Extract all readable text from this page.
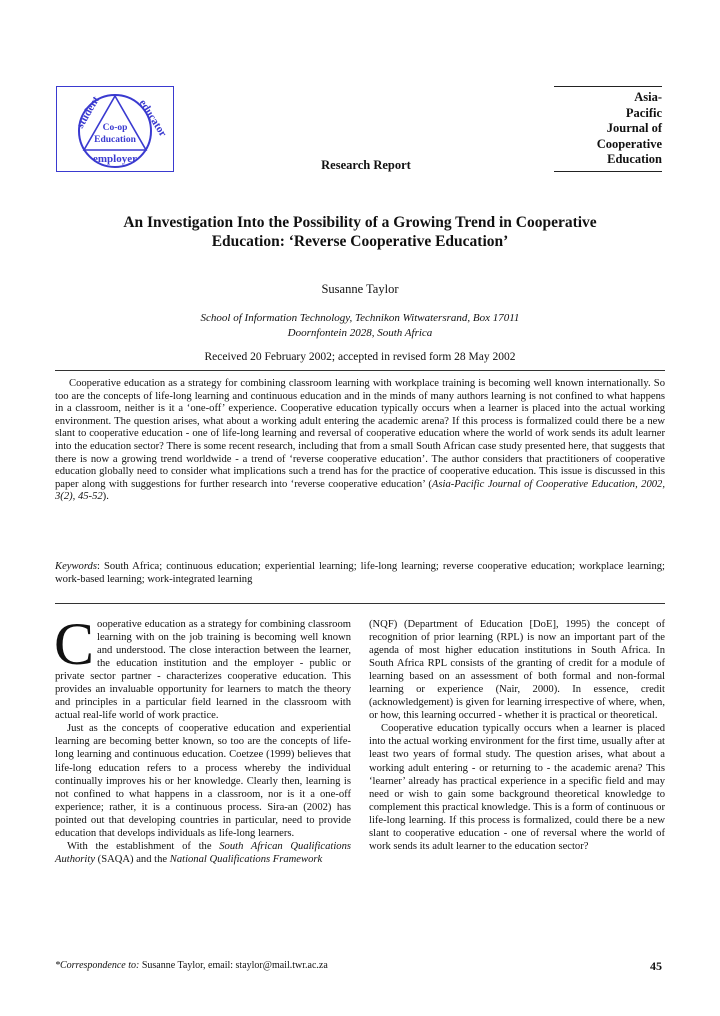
student	educator
employer
Co-op
Education
Asia-
Pacific
Journal of
Cooperative
Education
Research Report
An Investigation Into the Possibility of a Growing Trend in Cooperative
Education: ‘Reverse Cooperative Education’
Susanne Taylor
School of Information Technology, Technikon Witwatersrand, Box 17011
Doornfontein 2028, South Africa
Received 20 February 2002; accepted in revised form 28 May 2002
Cooperative education as a strategy for combining classroom learning with workplace training is becoming well known internationally. So too are the concepts of life-long learning and continuous education and in the minds of many authors learning is not confined to what happens in a classroom, neither is it a ‘one-off’ experience. Cooperative education typically occurs when a learner is placed into the actual working environment. The question arises, what about a working adult entering the academic arena? If this process is formalized could there be a new slant to cooperative education - one of life-long learning and reversal of cooperative education where the world of work sends its adult learner into the education sector? There is some recent research, including that from a small South African case study presented here, that suggests that there is now a growing trend worldwide - a trend of ‘reverse cooperative education’. The author considers that practitioners of cooperative education globally need to consider what implications such a trend has for the practice of cooperative education. This issue is discussed in this paper along with suggestions for further research into ‘reverse cooperative education’ (Asia-Pacific Journal of Cooperative Education, 2002, 3(2), 45-52).
Keywords: South Africa; continuous education; experiential learning; life-long learning; reverse cooperative education; workplace learning; work-based learning; work-integrated learning

Cooperative education as a strategy for combining classroom learning with on the job training is becoming well known and understood. The close interaction between the learner, the education institution and the employer - public or private sector partner - characterizes cooperative education. This provides an invaluable opportunity for learners to match the theory and principles in a particular field learned in the classroom with actual real-life world of work practice.

Just as the concepts of cooperative education and experiential learning are becoming better known, so too are the concepts of life-long learning and continuous education. Coetzee (1999) believes that life-long education refers to a process whereby the individual continually improves his or her knowledge. Clearly then, learning is not confined to what happens in a classroom, nor is it a one-off experience; rather, it is a continuous process. Sira-an (2002) has pointed out that developing countries in particular, need to provide education that develops individuals as life-long learners.

With the establishment of the South African Qualifications Authority (SAQA) and the National Qualifications Framework

(NQF) (Department of Education [DoE], 1995) the concept of recognition of prior learning (RPL) is now an important part of the agenda of most higher education institutions in South Africa. In South Africa RPL consists of the granting of credit for a module of learning based on an assessment of both formal and non-formal learning or experience (Nair, 2000). In essence, credit (acknowledgement) is given for learning irrespective of where, when, or how, this learning occurred - whether it is practical or theoretical.

Cooperative education typically occurs when a learner is placed into the actual working environment for the first time, usually after at least two years of formal study. The question arises, what about a working adult entering - or returning to - the academic arena? This ‘learner’ already has practical experience in a specific field and may need or wish to gain some background theoretical knowledge to complement this practical knowledge. This is a form of continuous or life-long learning. If this process is formalized, could there be a new slant to cooperative education - one of reversal where the world of work sends its adult learner to the education sector?

*Correspondence to: Susanne Taylor, email: staylor@mail.twr.ac.za	45
